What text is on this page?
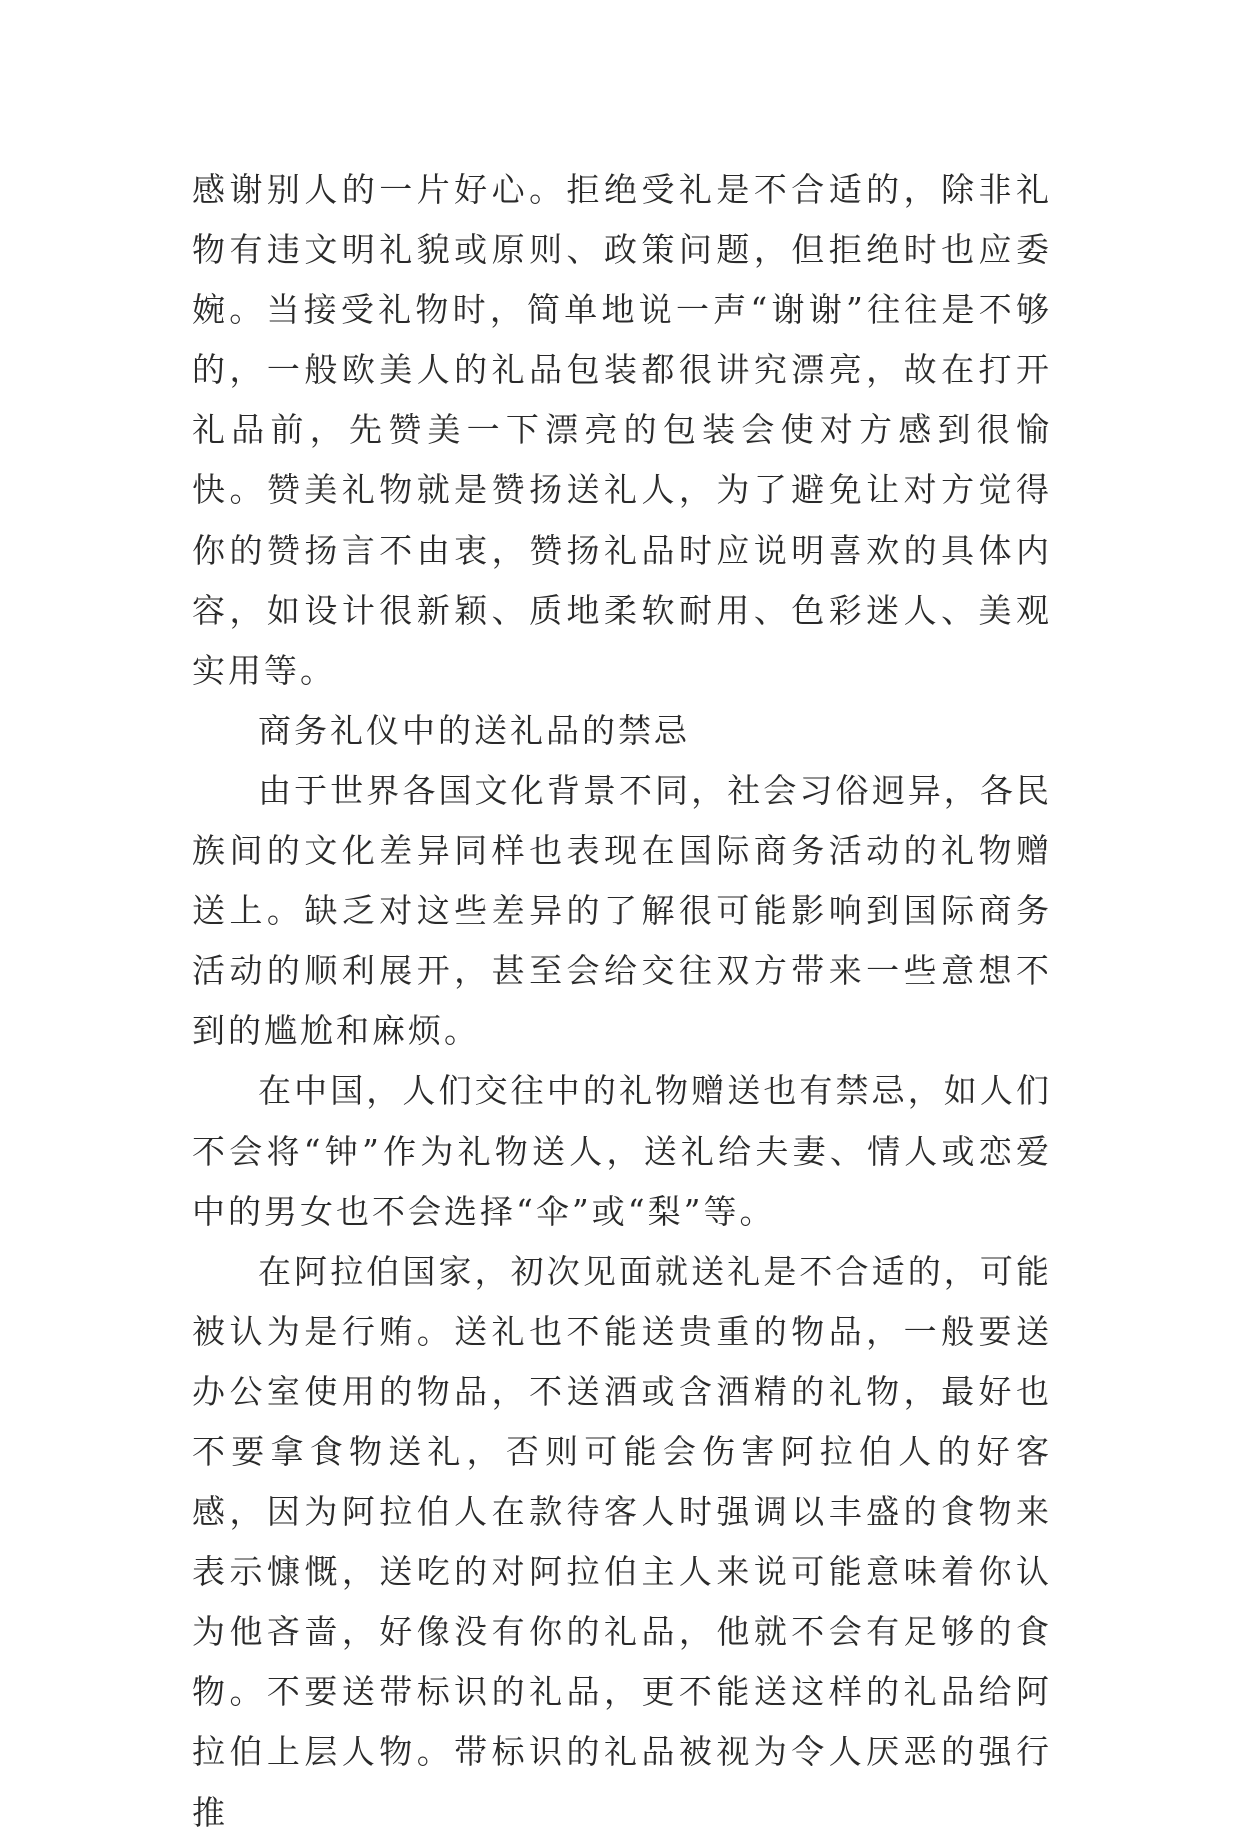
感谢别人的一片好心。拒绝受礼是不合适的，除非礼物有违文明礼貌或原则、政策问题，但拒绝时也应委婉。当接受礼物时，简单地说一声“谢谢”往往是不够的，一般欧美人的礼品包装都很讲究漂亮，故在打开礼品前，先赞美一下漂亮的包装会使对方感到很愉快。赞美礼物就是赞扬送礼人，为了避免让对方觉得你的赞扬言不由衷，赞扬礼品时应说明喜欢的具体内容，如设计很新颖、质地柔软耐用、色彩迷人、美观实用等。

商务礼仪中的送礼品的禁忌

由于世界各国文化背景不同，社会习俗迥异，各民族间的文化差异同样也表现在国际商务活动的礼物赠送上。缺乏对这些差异的了解很可能影响到国际商务活动的顺利展开，甚至会给交往双方带来一些意想不到的尴尬和麻烦。

在中国，人们交往中的礼物赠送也有禁忌，如人们不会将“钟”作为礼物送人，送礼给夫妻、情人或恋爱中的男女也不会选择“伞”或“梨”等。

在阿拉伯国家，初次见面就送礼是不合适的，可能被认为是行贿。送礼也不能送贵重的物品，一般要送办公室使用的物品，不送酒或含酒精的礼物，最好也不要拿食物送礼，否则可能会伤害阿拉伯人的好客感，因为阿拉伯人在款待客人时强调以丰盛的食物来表示慷慨，送吃的对阿拉伯主人来说可能意味着你认为他吝啬，好像没有你的礼品，他就不会有足够的食物。不要送带标识的礼品，更不能送这样的礼品给阿拉伯上层人物。带标识的礼品被视为令人厌恶的强行推
